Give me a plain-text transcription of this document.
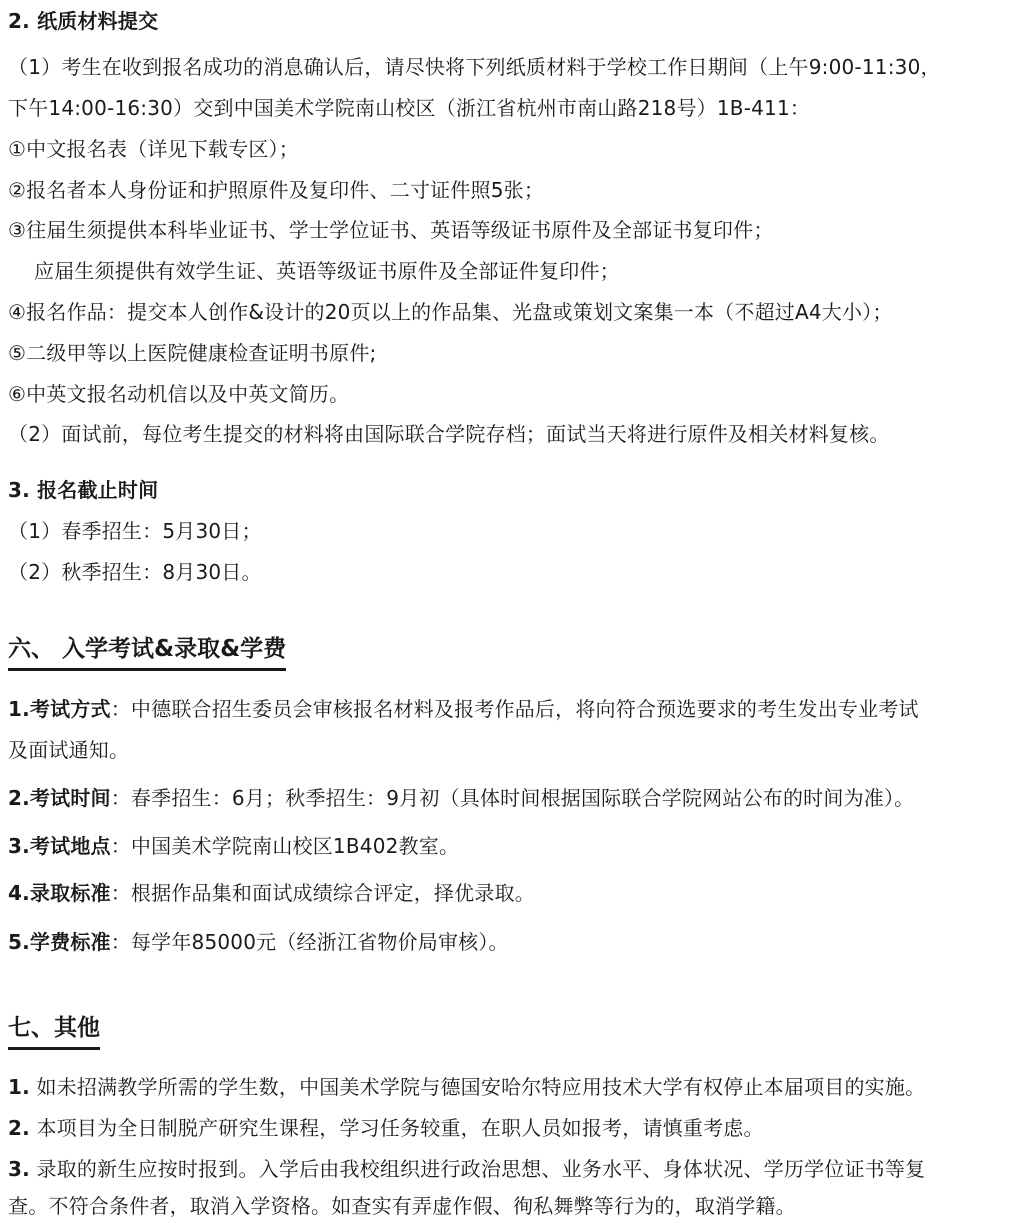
2. 纸质材料提交
（1）考生在收到报名成功的消息确认后，请尽快将下列纸质材料于学校工作日期间（上午9:00-11:30，
下午14:00-16:30）交到中国美术学院南山校区（浙江省杭州市南山路218号）1B-411：
①中文报名表（详见下载专区）；
②报名者本人身份证和护照原件及复印件、二寸证件照5张；
③往届生须提供本科毕业证书、学士学位证书、英语等级证书原件及全部证书复印件；
应届生须提供有效学生证、英语等级证书原件及全部证件复印件；
④报名作品：提交本人创作&设计的20页以上的作品集、光盘或策划文案集一本（不超过A4大小）；
⑤二级甲等以上医院健康检查证明书原件;
⑥中英文报名动机信以及中英文简历。
（2）面试前，每位考生提交的材料将由国际联合学院存档；面试当天将进行原件及相关材料复核。
3. 报名截止时间
（1）春季招生：5月30日；
（2）秋季招生：8月30日。
六、 入学考试&录取&学费
1.考试方式：中德联合招生委员会审核报名材料及报考作品后，将向符合预选要求的考生发出专业考试
及面试通知。
2.考试时间：春季招生：6月；秋季招生：9月初（具体时间根据国际联合学院网站公布的时间为准）。
3.考试地点：中国美术学院南山校区1B402教室。
4.录取标准：根据作品集和面试成绩综合评定，择优录取。
5.学费标准：每学年85000元（经浙江省物价局审核）。
七、其他
1. 如未招满教学所需的学生数，中国美术学院与德国安哈尔特应用技术大学有权停止本届项目的实施。
2. 本项目为全日制脱产研究生课程，学习任务较重，在职人员如报考，请慎重考虑。
3. 录取的新生应按时报到。入学后由我校组织进行政治思想、业务水平、身体状况、学历学位证书等复
查。不符合条件者，取消入学资格。如查实有弄虚作假、徇私舞弊等行为的，取消学籍。
